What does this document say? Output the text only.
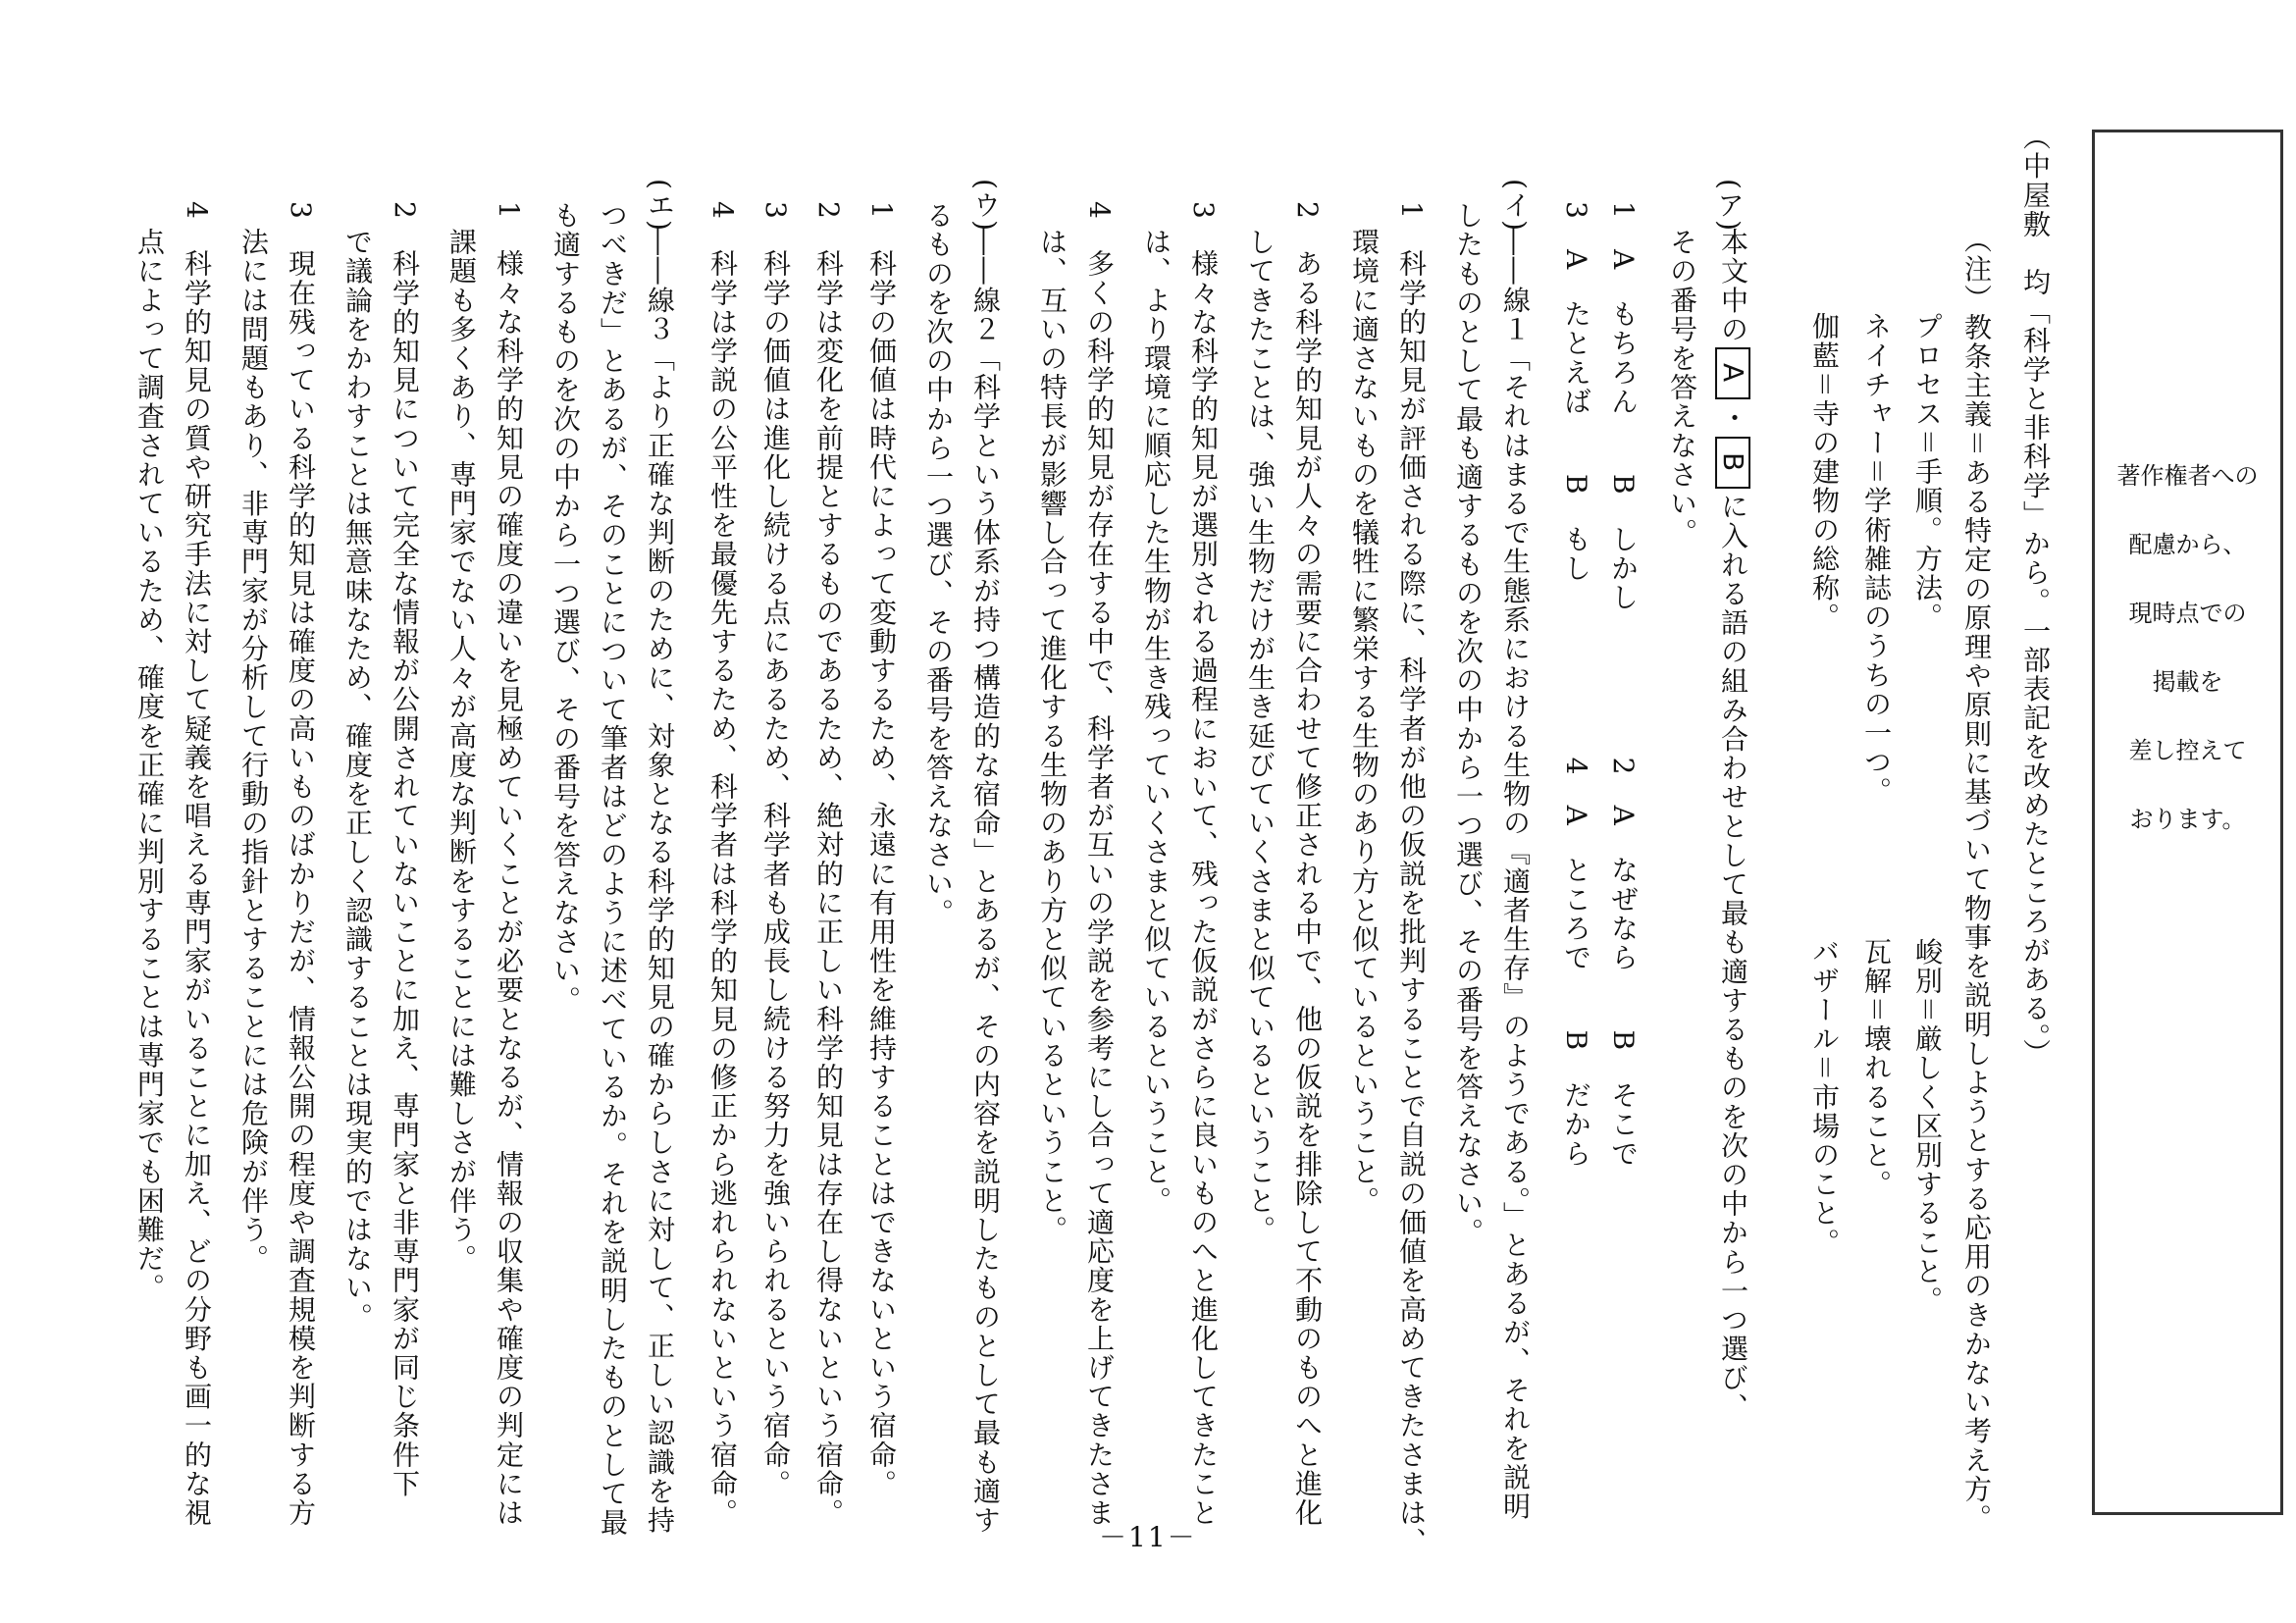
著作権者への
配慮から、
現時点での
掲載を
差し控えて
おります。
（中屋敷　均「科学と非科学」から。一部表記を改めたところがある。）
（注）教条主義＝ある特定の原理や原則に基づいて物事を説明しようとする応用のきかない考え方。
プロセス＝手順。方法。　　　　　　　　　　　峻別＝厳しく区別すること。
ネイチャー＝学術雑誌のうちの一つ。　　　　　瓦解＝壊れること。
伽藍＝寺の建物の総称。　　　　　　　　　　　バザール＝市場のこと。
(ア)
本文中のA・Bに入れる語の組み合わせとして最も適するものを次の中から一つ選び、
その番号を答えなさい。
1　A　もちろん　　B　しかし　　　　　2　A　なぜなら　　B　そこで
3　A　たとえば　　B　もし　　　　　　4　A　ところで　　B　だから
(イ)
――線１「それはまるで生態系における生物の『適者生存』のようである。」とあるが、それを説明
したものとして最も適するものを次の中から一つ選び、その番号を答えなさい。
1　科学的知見が評価される際に、科学者が他の仮説を批判することで自説の価値を高めてきたさまは、
環境に適さないものを犠牲に繁栄する生物のあり方と似ているということ。
2　ある科学的知見が人々の需要に合わせて修正される中で、他の仮説を排除して不動のものへと進化
してきたことは、強い生物だけが生き延びていくさまと似ているということ。
3　様々な科学的知見が選別される過程において、残った仮説がさらに良いものへと進化してきたこと
は、より環境に順応した生物が生き残っていくさまと似ているということ。
4　多くの科学的知見が存在する中で、科学者が互いの学説を参考にし合って適応度を上げてきたさま
は、互いの特長が影響し合って進化する生物のあり方と似ているということ。
(ウ)
――線２「科学という体系が持つ構造的な宿命」とあるが、その内容を説明したものとして最も適す
るものを次の中から一つ選び、その番号を答えなさい。
1　科学の価値は時代によって変動するため、永遠に有用性を維持することはできないという宿命。
2　科学は変化を前提とするものであるため、絶対的に正しい科学的知見は存在し得ないという宿命。
3　科学の価値は進化し続ける点にあるため、科学者も成長し続ける努力を強いられるという宿命。
4　科学は学説の公平性を最優先するため、科学者は科学的知見の修正から逃れられないという宿命。
(エ)
――線３「より正確な判断のために、対象となる科学的知見の確からしさに対して、正しい認識を持
つべきだ」とあるが、そのことについて筆者はどのように述べているか。それを説明したものとして最
も適するものを次の中から一つ選び、その番号を答えなさい。
1　様々な科学的知見の確度の違いを見極めていくことが必要となるが、情報の収集や確度の判定には
課題も多くあり、専門家でない人々が高度な判断をすることには難しさが伴う。
2　科学的知見について完全な情報が公開されていないことに加え、専門家と非専門家が同じ条件下
で議論をかわすことは無意味なため、確度を正しく認識することは現実的ではない。
3　現在残っている科学的知見は確度の高いものばかりだが、情報公開の程度や調査規模を判断する方
法には問題もあり、非専門家が分析して行動の指針とすることには危険が伴う。
4　科学的知見の質や研究手法に対して疑義を唱える専門家がいることに加え、どの分野も画一的な視
点によって調査されているため、確度を正確に判別することは専門家でも困難だ。
－11－
